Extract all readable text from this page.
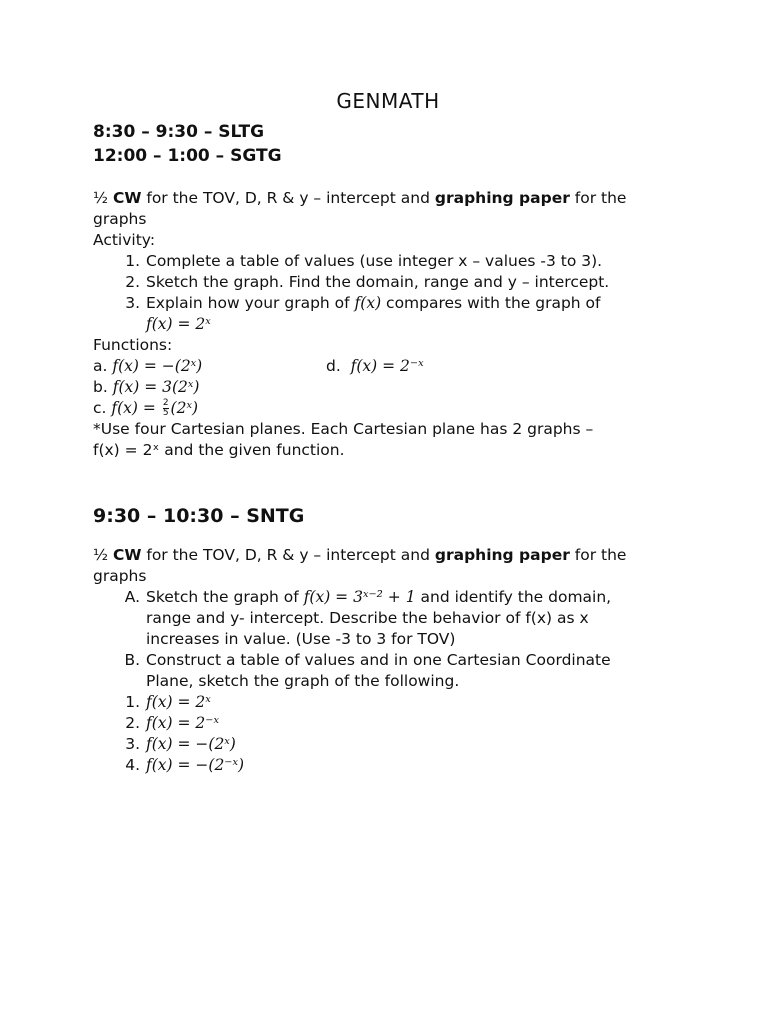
GENMATH

8:30 – 9:30 – SLTG

12:00 – 1:00 – SGTG

½ CW for the TOV, D, R & y – intercept and graphing paper for the

graphs

Activity:

1. Complete a table of values (use integer x – values -3 to 3).
2. Sketch the graph. Find the domain, range and y – intercept.
3. Explain how your graph of f(x) compares with the graph of
f(x) = 2ˣ

Functions:

a. f(x) = −(2ˣ)	d. f(x) = 2⁻ˣ
b. f(x) = 3(2ˣ)
c. $f(x) = \frac{2}{5}$ (2ˣ)

*Use four Cartesian planes. Each Cartesian plane has 2 graphs –

f(x) = 2ˣ and the given function.

9:30 – 10:30 – SNTG

½ CW for the TOV, D, R & y – intercept and graphing paper for the

graphs

A. Sketch the graph of f(x) = 3ˣ⁻² + 1 and identify the domain,
range and y- intercept. Describe the behavior of f(x) as x
increases in value. (Use -3 to 3 for TOV)
B. Construct a table of values and in one Cartesian Coordinate
Plane, sketch the graph of the following.
1. f(x) = 2ˣ
2. f(x) = 2⁻ˣ
3. f(x) = −(2ˣ)
4. f(x) = −(2⁻ˣ)
